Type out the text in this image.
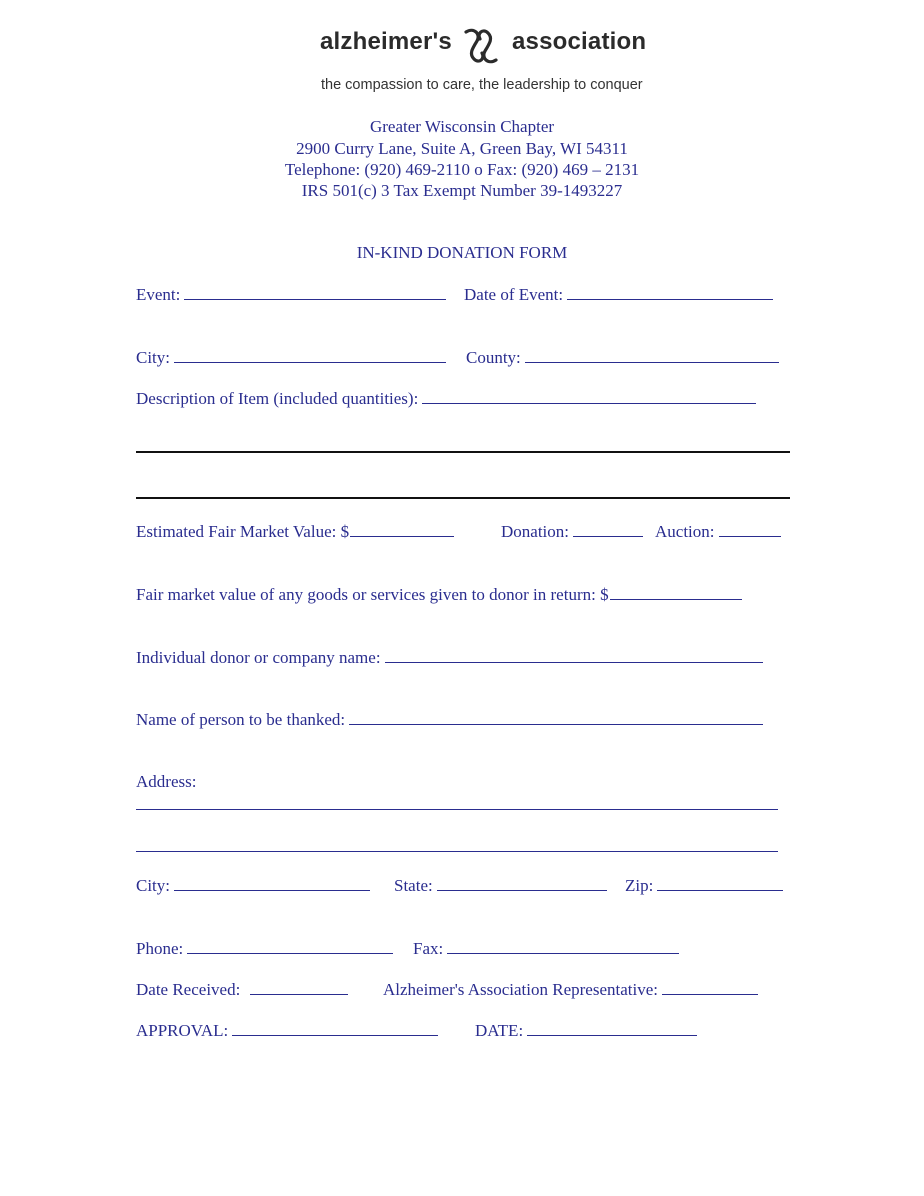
alzheimer's	association
the compassion to care, the leadership to conquer
Greater Wisconsin Chapter
2900 Curry Lane, Suite A, Green Bay, WI 54311
Telephone: (920) 469-2110 o Fax: (920) 469 – 2131
IRS 501(c) 3 Tax Exempt Number 39-1493227
IN-KIND DONATION FORM
Event:	Date of Event:
City:	County:
Description of Item (included quantities):
Estimated Fair Market Value: $	Donation:	Auction:
Fair market value of any goods or services given to donor in return: $
Individual donor or company name:
Name of person to be thanked:
Address:
City:	State:	Zip:
Phone:	Fax:
Date Received:	Alzheimer's Association Representative:
APPROVAL:	DATE:
